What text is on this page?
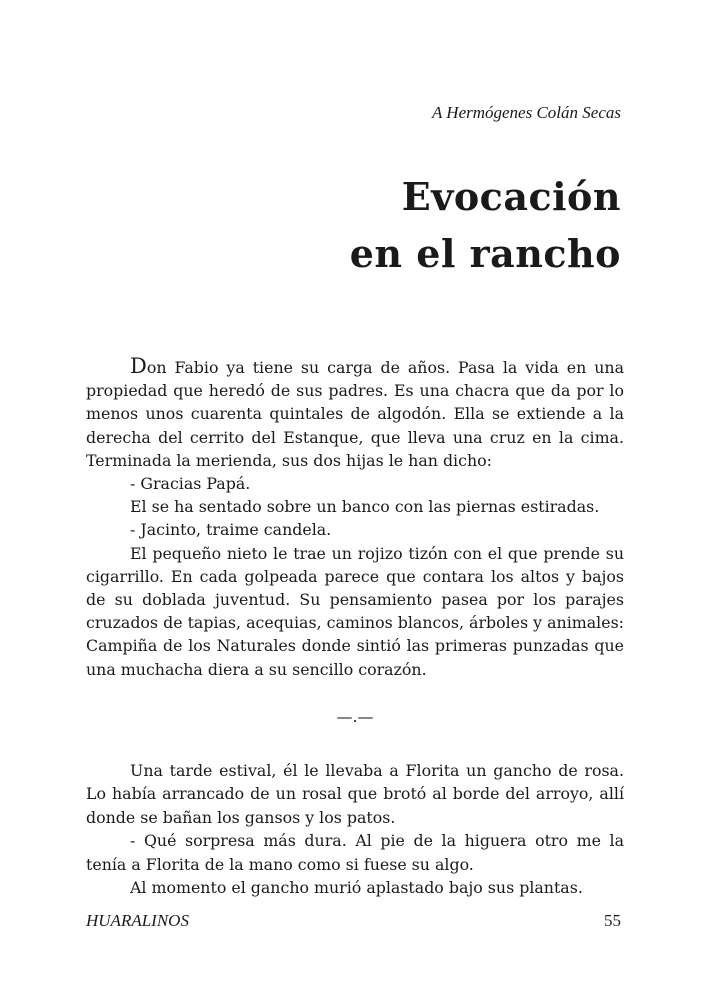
A Hermógenes Colán Secas

Evocación
en el rancho

Don Fabio ya tiene su carga de años. Pasa la vida en una propiedad que heredó de sus padres. Es una chacra que da por lo menos unos cuarenta quintales de algodón. Ella se extiende a la derecha del cerrito del Estanque, que lleva una cruz en la cima. Terminada la merienda, sus dos hijas le han dicho:

- Gracias Papá.

El se ha sentado sobre un banco con las piernas estiradas.

- Jacinto, traime candela.

El pequeño nieto le trae un rojizo tizón con el que prende su cigarrillo. En cada golpeada parece que contara los altos y bajos de su doblada juventud. Su pensamiento pasea por los parajes cruzados de tapias, acequias, caminos blancos, árboles y animales: Campiña de los Naturales donde sintió las primeras punzadas que una muchacha diera a su sencillo corazón.

—.—

Una tarde estival, él le llevaba a Florita un gancho de rosa. Lo había arrancado de un rosal que brotó al borde del arroyo, allí donde se bañan los gansos y los patos.

- Qué sorpresa más dura. Al pie de la higuera otro me la tenía a Florita de la mano como si fuese su algo.

Al momento el gancho murió aplastado bajo sus plantas.

HUARALINOS	55
